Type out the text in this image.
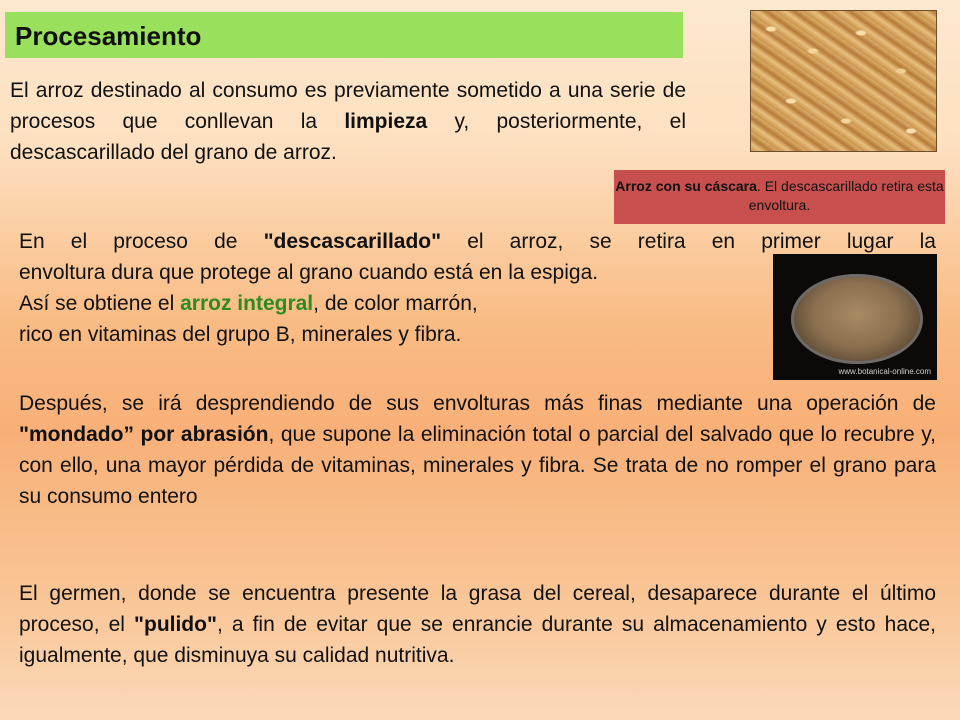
Procesamiento

El arroz destinado al consumo es previamente sometido a una serie de procesos que conllevan la limpieza y, posteriormente, el descascarillado del grano de arroz.

Arroz con su cáscara. El descascarillado retira esta envoltura.
En el proceso de "descascarillado" el arroz, se retira en primer lugar la
envoltura dura que protege al grano cuando está en la espiga.
Así se obtiene el arroz integral, de color marrón,
rico en vitaminas del grupo B, minerales y fibra.
www.botanical-online.com

Después, se irá desprendiendo de sus envolturas más finas mediante una operación de "mondado” por abrasión, que supone la eliminación total o parcial del salvado que lo recubre y, con ello, una mayor pérdida de vitaminas, minerales y fibra. Se trata de no romper el grano para su consumo entero

El germen, donde se encuentra presente la grasa del cereal, desaparece durante el último proceso, el "pulido", a fin de evitar que se enrancie durante su almacenamiento y esto hace, igualmente, que disminuya su calidad nutritiva.
